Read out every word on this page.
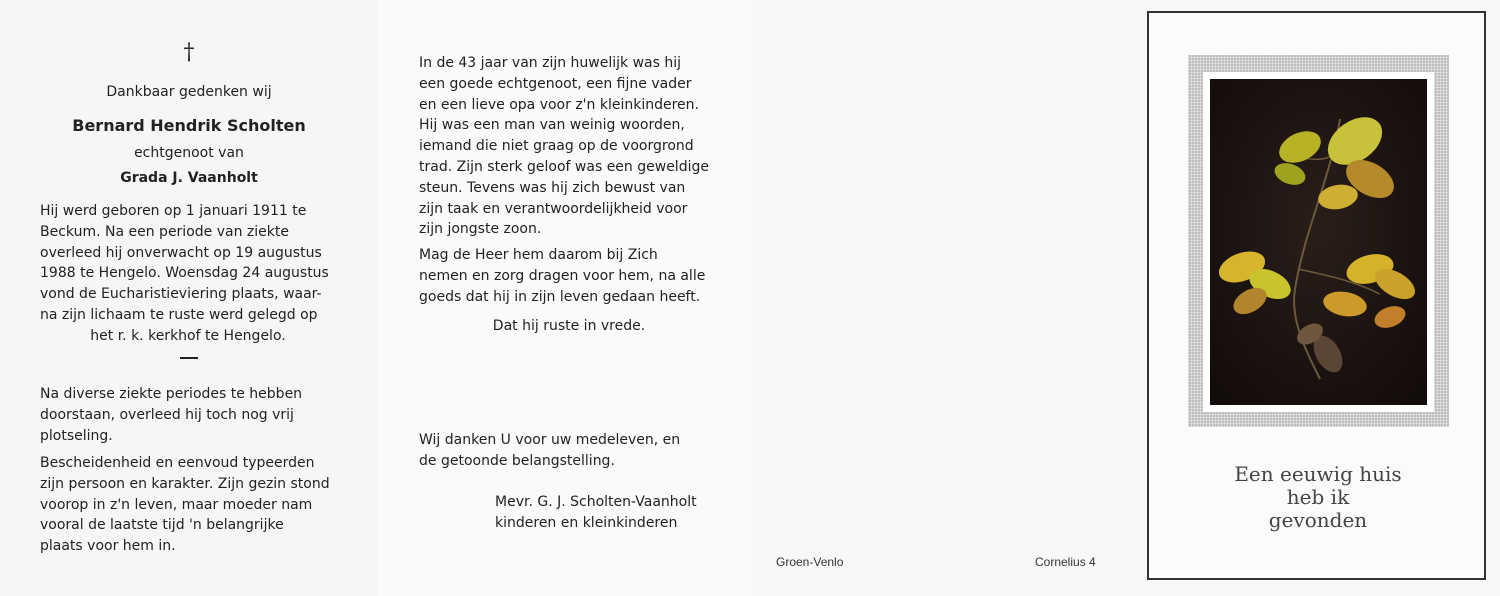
†
Dankbaar gedenken wij
Bernard Hendrik Scholten
echtgenoot van
Grada J. Vaanholt
Hij werd geboren op 1 januari 1911 te
Beckum. Na een periode van ziekte
overleed hij onverwacht op 19 augustus
1988 te Hengelo. Woensdag 24 augustus
vond de Eucharistieviering plaats, waar-
na zijn lichaam te ruste werd gelegd op
het r. k. kerkhof te Hengelo.
Na diverse ziekte periodes te hebben
doorstaan, overleed hij toch nog vrij
plotseling.
Bescheidenheid en eenvoud typeerden
zijn persoon en karakter. Zijn gezin stond
voorop in z'n leven, maar moeder nam
vooral de laatste tijd 'n belangrijke
plaats voor hem in.
In de 43 jaar van zijn huwelijk was hij
een goede echtgenoot, een fijne vader
en een lieve opa voor z'n kleinkinderen.
Hij was een man van weinig woorden,
iemand die niet graag op de voorgrond
trad. Zijn sterk geloof was een geweldige
steun. Tevens was hij zich bewust van
zijn taak en verantwoordelijkheid voor
zijn jongste zoon.
Mag de Heer hem daarom bij Zich
nemen en zorg dragen voor hem, na alle
goeds dat hij in zijn leven gedaan heeft.
Dat hij ruste in vrede.
Wij danken U voor uw medeleven, en
de getoonde belangstelling.
Mevr. G. J. Scholten-Vaanholt
kinderen en kleinkinderen
Groen-Venlo	Cornelius 4
Een eeuwig huis
heb ik
gevonden
